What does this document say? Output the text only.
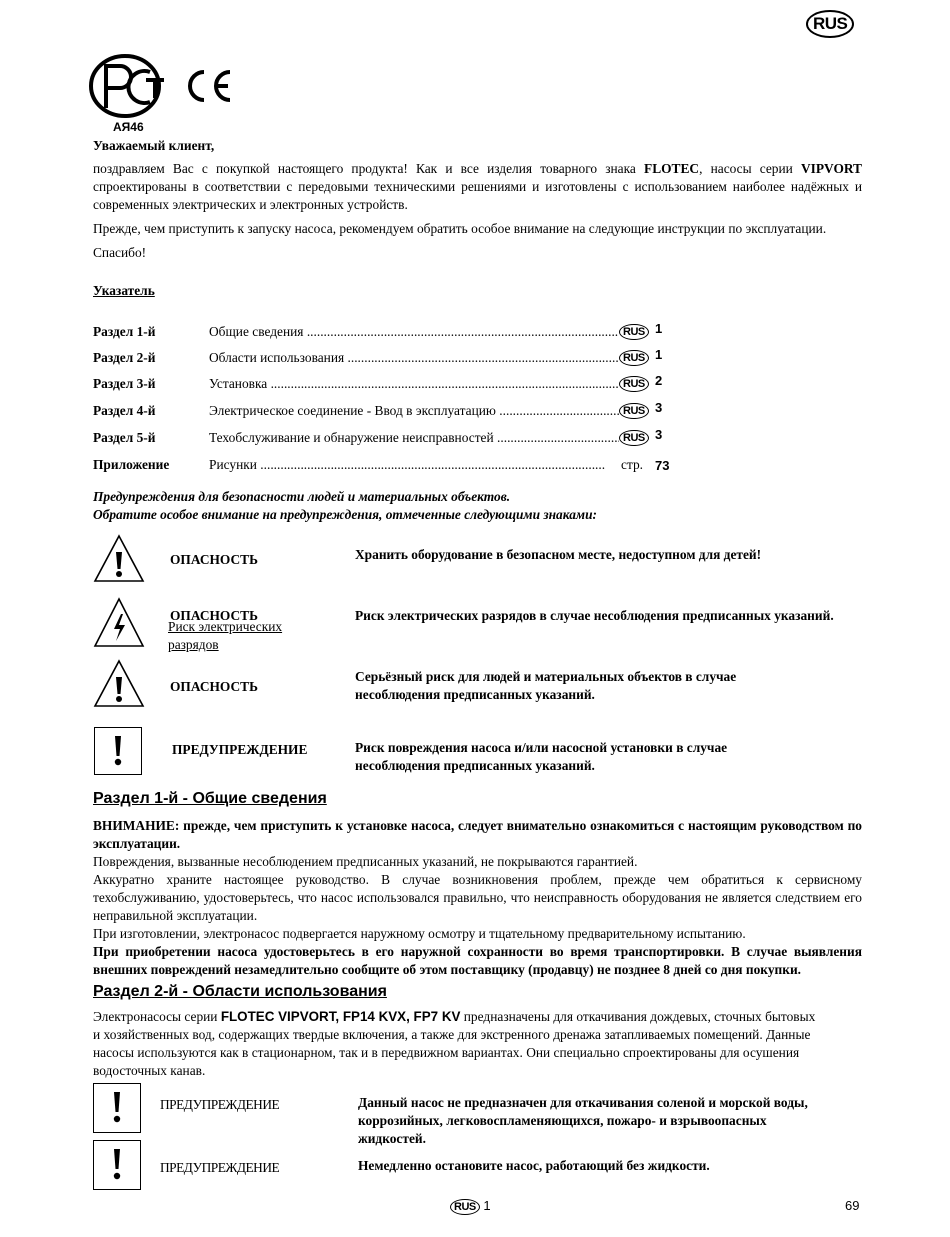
RUS
АЯ46
Уважаемый клиент,

поздравляем Вас с покупкой настоящего продукта! Как и все изделия товарного знака FLOTEC, насосы серии VIPVORT спроектированы в соответствии с передовыми техническими решениями и изготовлены с использованием наиболее надёжных и современных электрических и электронных устройств.

Прежде, чем приступить к запуску насоса, рекомендуем обратить особое внимание на следующие инструкции по эксплуатации.

Спасибо!

Указатель
Раздел 1-й	Общие сведения .....	RUS 1
Раздел 2-й	Области использования .....	RUS 1
Раздел 3-й	Установка .....	RUS 2
Раздел 4-й	Электрическое соединение - Ввод в эксплуатацию .....	RUS 3
Раздел 5-й	Техобслуживание и обнаружение неисправностей .....	RUS 3
Приложение	Рисунки .....	стр. 73
Предупреждения для безопасности людей и материальных объектов.
Обратите особое внимание на предупреждения, отмеченные следующими знаками:
ОПАСНОСТЬ	Хранить оборудование в безопасном месте, недоступном для детей!
ОПАСНОСТЬ
Риск электрических разрядов
Риск электрических разрядов в случае несоблюдения предписанных указаний.
ОПАСНОСТЬ
Серьёзный риск для людей и материальных объектов в случае несоблюдения предписанных указаний.
ПРЕДУПРЕЖДЕНИЕ	Риск повреждения насоса и/или насосной установки в случае несоблюдения предписанных указаний.
Раздел 1-й - Общие сведения

ВНИМАНИЕ: прежде, чем приступить к установке насоса, следует внимательно ознакомиться с настоящим руководством по эксплуатации.

Повреждения, вызванные несоблюдением предписанных указаний, не покрываются гарантией.

Аккуратно храните настоящее руководство. В случае возникновения проблем, прежде чем обратиться к сервисному техобслуживанию, удостоверьтесь, что насос использовался правильно, что неисправность оборудования не является следствием его неправильной эксплуатации.

При изготовлении, электронасос подвергается наружному осмотру и тщательному предварительному испытанию.

При приобретении насоса удостоверьтесь в его наружной сохранности во время транспортировки. В случае выявления внешних повреждений незамедлительно сообщите об этом поставщику (продавцу) не позднее 8 дней со дня покупки.

Раздел 2-й - Области использования

Электронасосы серии FLOTEC VIPVORT, FP14 KVX, FP7 KV предназначены для откачивания дождевых, сточных бытовых и хозяйственных вод, содержащих твердые включения, а также для экстренного дренажа затапливаемых помещений. Данные насосы используются как в стационарном, так и в передвижном вариантах. Они специально спроектированы для осушения водосточных канав.

ПРЕДУПРЕЖДЕНИЕ	Данный насос не предназначен для откачивания соленой и морской воды, коррозийных, легковоспламеняющихся, пожаро- и взрывоопасных жидкостей.
ПРЕДУПРЕЖДЕНИЕ	Немедленно остановите насос, работающий без жидкости.
RUS 1	69
